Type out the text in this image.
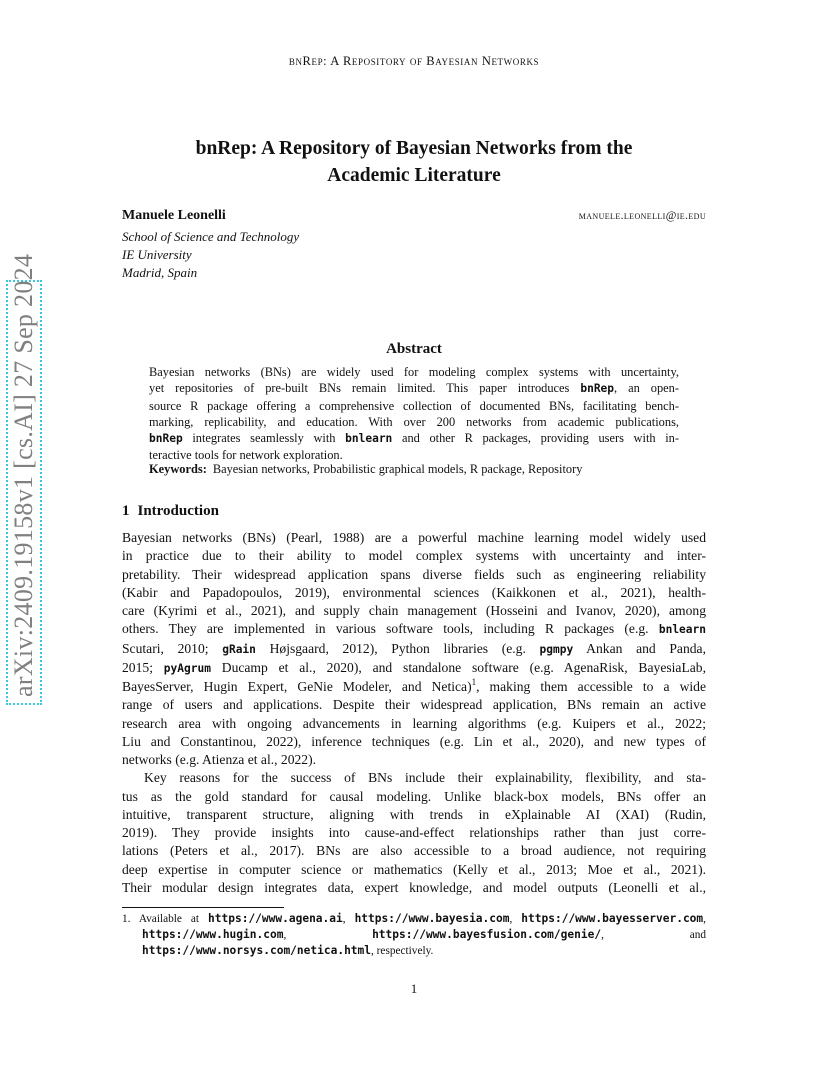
arXiv:2409.19158v1 [cs.AI] 27 Sep 2024
bnRep: A Repository of Bayesian Networks
bnRep: A Repository of Bayesian Networks from the
Academic Literature
Manuele Leonelli	manuele.leonelli@ie.edu
School of Science and Technology
IE University
Madrid, Spain
Abstract
Bayesian networks (BNs) are widely used for modeling complex systems with uncertainty,
yet repositories of pre-built BNs remain limited. This paper introduces bnRep, an open-
source R package offering a comprehensive collection of documented BNs, facilitating bench-
marking, replicability, and education. With over 200 networks from academic publications,
bnRep integrates seamlessly with bnlearn and other R packages, providing users with in-
teractive tools for network exploration.
Keywords: Bayesian networks, Probabilistic graphical models, R package, Repository
1 Introduction
Bayesian networks (BNs) (Pearl, 1988) are a powerful machine learning model widely used
in practice due to their ability to model complex systems with uncertainty and inter-
pretability. Their widespread application spans diverse fields such as engineering reliability
(Kabir and Papadopoulos, 2019), environmental sciences (Kaikkonen et al., 2021), health-
care (Kyrimi et al., 2021), and supply chain management (Hosseini and Ivanov, 2020), among
others. They are implemented in various software tools, including R packages (e.g. bnlearn
Scutari, 2010; gRain Højsgaard, 2012), Python libraries (e.g. pgmpy Ankan and Panda,
2015; pyAgrum Ducamp et al., 2020), and standalone software (e.g. AgenaRisk, BayesiaLab,
BayesServer, Hugin Expert, GeNie Modeler, and Netica)$^1$, making them accessible to a wide
range of users and applications. Despite their widespread application, BNs remain an active
research area with ongoing advancements in learning algorithms (e.g. Kuipers et al., 2022;
Liu and Constantinou, 2022), inference techniques (e.g. Lin et al., 2020), and new types of
networks (e.g. Atienza et al., 2022).
Key reasons for the success of BNs include their explainability, flexibility, and sta-
tus as the gold standard for causal modeling. Unlike black-box models, BNs offer an
intuitive, transparent structure, aligning with trends in eXplainable AI (XAI) (Rudin,
2019). They provide insights into cause-and-effect relationships rather than just corre-
lations (Peters et al., 2017). BNs are also accessible to a broad audience, not requiring
deep expertise in computer science or mathematics (Kelly et al., 2013; Moe et al., 2021).
Their modular design integrates data, expert knowledge, and model outputs (Leonelli et al.,
1. Available at https://www.agena.ai, https://www.bayesia.com, https://www.bayesserver.com,
https://www.hugin.com, https://www.bayesfusion.com/genie/, and
https://www.norsys.com/netica.html, respectively.
1
